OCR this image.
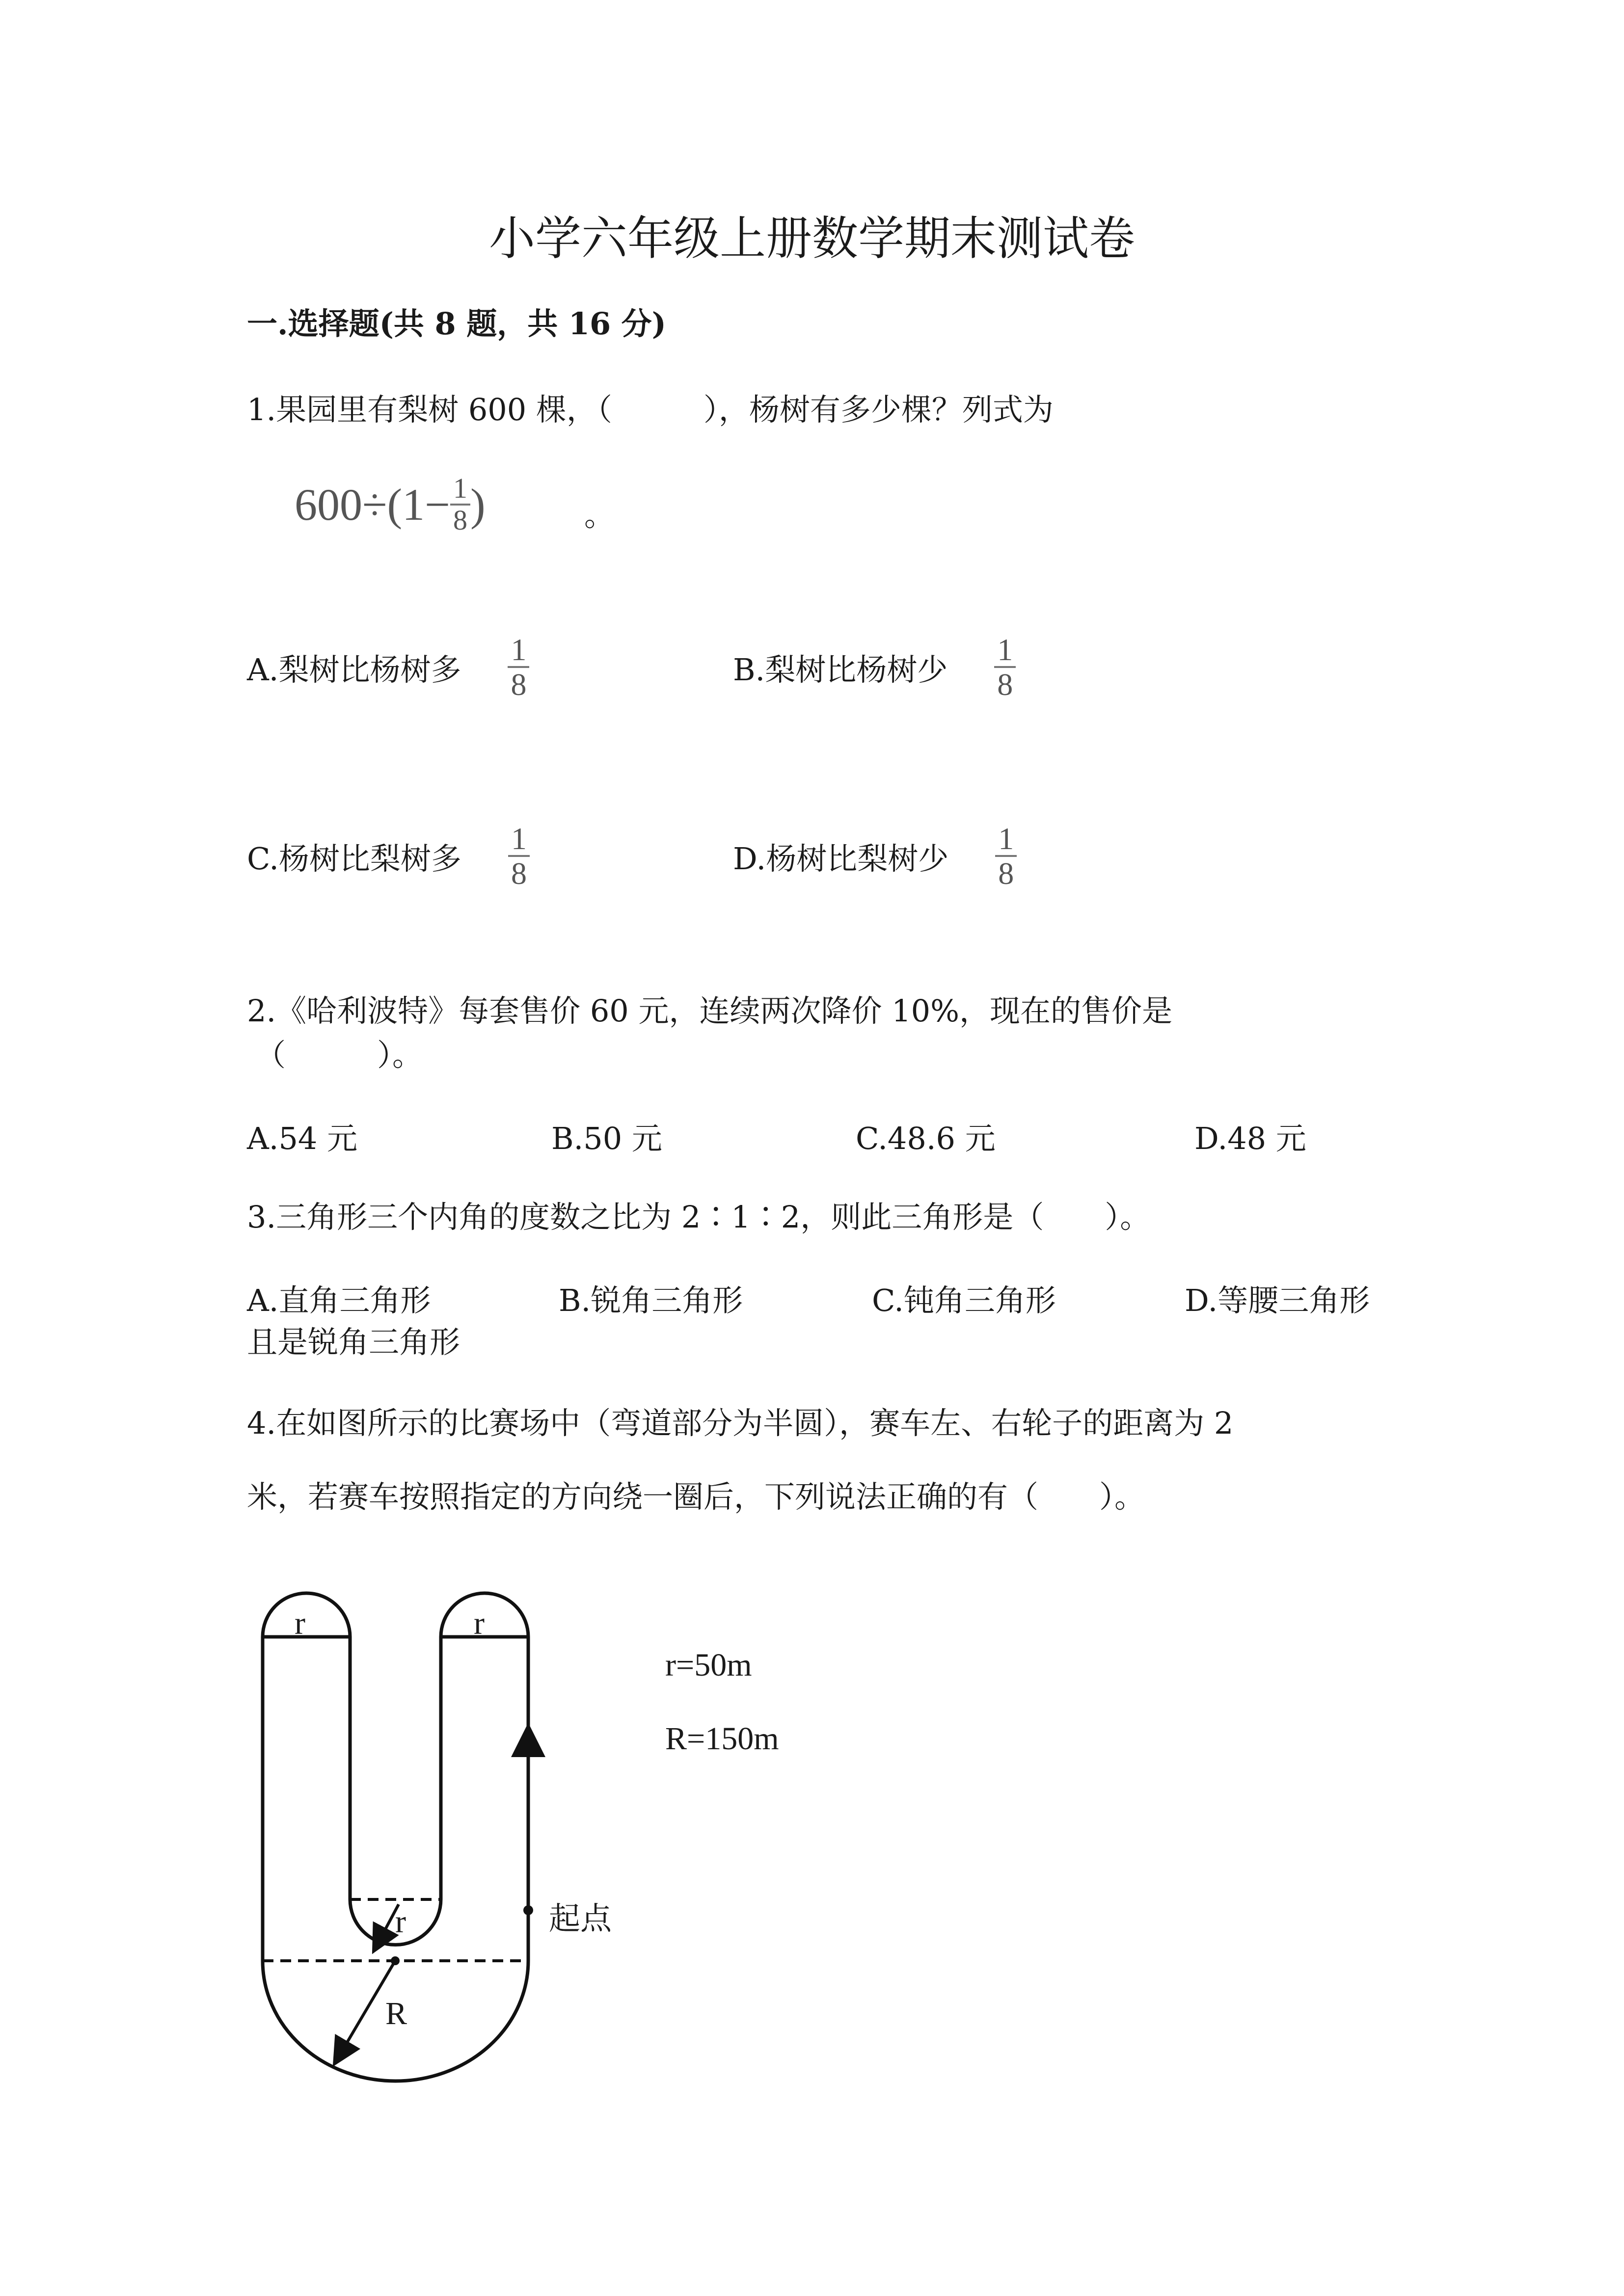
小学六年级上册数学期末测试卷
一.选择题(共 8 题，共 16 分)
1.果园里有梨树 600 棵，（　　　），杨树有多少棵？列式为
$600\div(1- \frac{1}{8}$ )	。
A.梨树比杨树多 $\frac{1}{8}$	B.梨树比杨树少 $\frac{1}{8}$
C.杨树比梨树多 $\frac{1}{8}$	D.杨树比梨树少 $\frac{1}{8}$
2.《哈利波特》每套售价 60 元，连续两次降价 10%，现在的售价是
（　　　）。
A.54 元	B.50 元	C.48.6 元	D.48 元
3.三角形三个内角的度数之比为 2∶1∶2，则此三角形是（　　）。
A.直角三角形	B.锐角三角形	C.钝角三角形	D.等腰三角形
且是锐角三角形
4.在如图所示的比赛场中（弯道部分为半圆），赛车左、右轮子的距离为 2
米，若赛车按照指定的方向绕一圈后，下列说法正确的有（　　）。
r	r
r
R
起点
r=50m
R=150m
